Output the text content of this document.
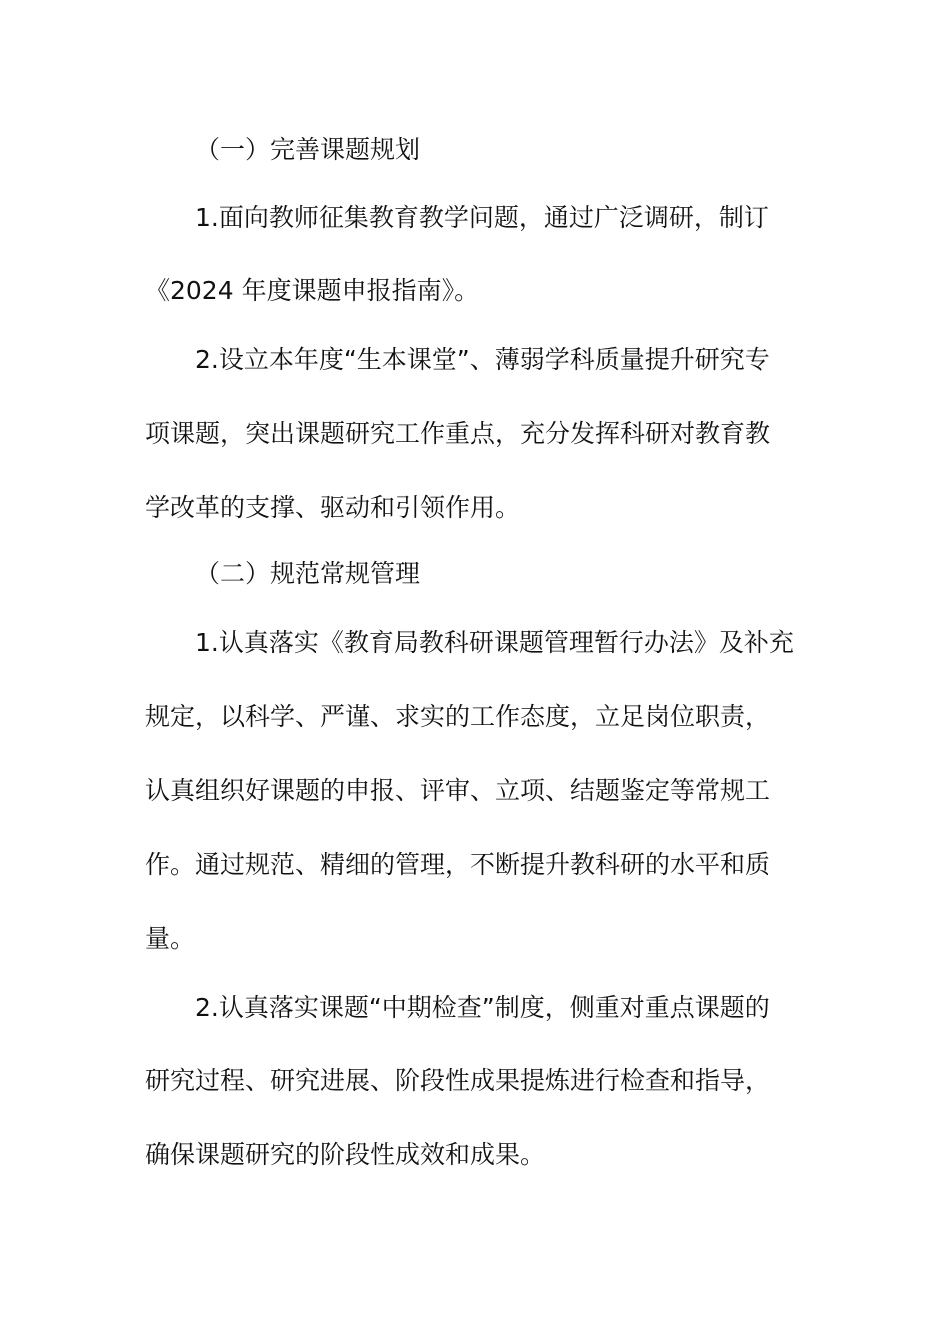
（一）完善课题规划
1.面向教师征集教育教学问题，通过广泛调研，制订
《2024 年度课题申报指南》。
2.设立本年度“生本课堂”、薄弱学科质量提升研究专
项课题，突出课题研究工作重点，充分发挥科研对教育教
学改革的支撑、驱动和引领作用。
（二）规范常规管理
1.认真落实《教育局教科研课题管理暂行办法》及补充
规定，以科学、严谨、求实的工作态度，立足岗位职责，
认真组织好课题的申报、评审、立项、结题鉴定等常规工
作。通过规范、精细的管理，不断提升教科研的水平和质
量。
2.认真落实课题“中期检查”制度，侧重对重点课题的
研究过程、研究进展、阶段性成果提炼进行检查和指导，
确保课题研究的阶段性成效和成果。
